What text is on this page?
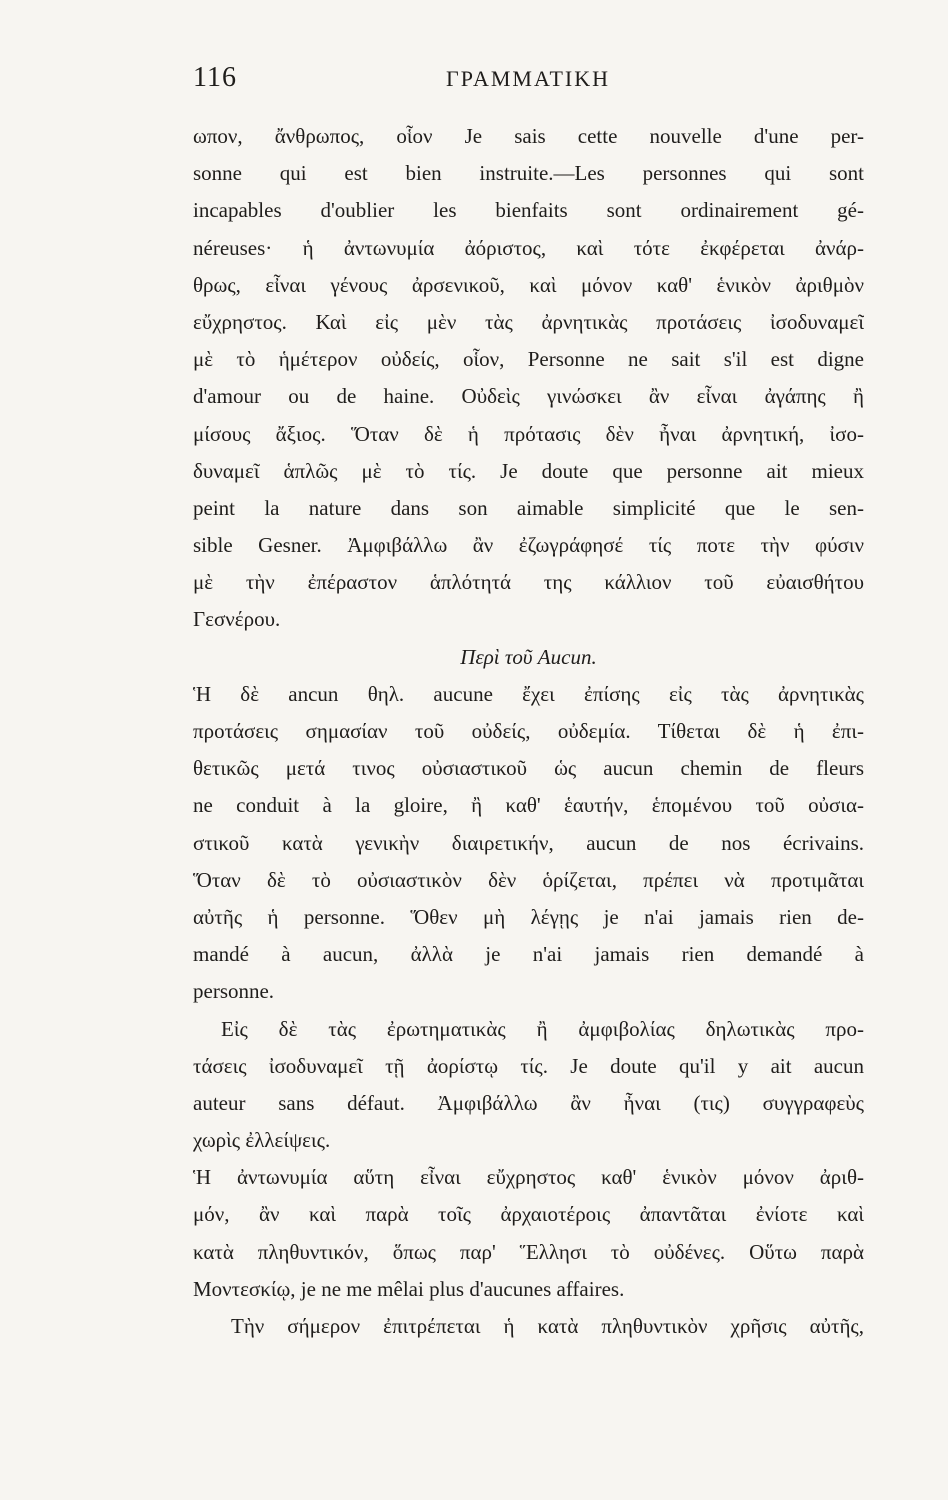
116	ΓΡΑΜΜΑΤΙΚΗ
ωπον, ἄνθρωπος, οἷον Je sais cette nouvelle d'une per-
sonne qui est bien instruite.—Les personnes qui sont
incapables d'oublier les bienfaits sont ordinairement gé-
néreuses· ἡ ἀντωνυμία ἀόριστος, καὶ τότε ἐκφέρεται ἀνάρ-
θρως, εἶναι γένους ἀρσενικοῦ, καὶ μόνον καθ' ἑνικὸν ἀριθμὸν
εὔχρηστος. Καὶ εἰς μὲν τὰς ἀρνητικὰς προτάσεις ἰσοδυναμεῖ
μὲ τὸ ἡμέτερον οὐδείς, οἷον, Personne ne sait s'il est digne
d'amour ou de haine. Οὐδεὶς γινώσκει ἂν εἶναι ἀγάπης ἢ
μίσους ἄξιος. Ὅταν δὲ ἡ πρότασις δὲν ἦναι ἀρνητική, ἰσο-
δυναμεῖ ἁπλῶς μὲ τὸ τίς. Je doute que personne ait mieux
peint la nature dans son aimable simplicité que le sen-
sible Gesner. Ἀμφιβάλλω ἂν ἐζωγράφησέ τίς ποτε τὴν φύσιν
μὲ τὴν ἐπέραστον ἁπλότητά της κάλλιον τοῦ εὐαισθήτου
Γεσνέρου.
Περὶ τοῦ Aucun.
Ἡ δὲ ancun θηλ. aucune ἔχει ἐπίσης εἰς τὰς ἀρνητικὰς
προτάσεις σημασίαν τοῦ οὐδείς, οὐδεμία. Τίθεται δὲ ἡ ἐπι-
θετικῶς μετά τινος οὐσιαστικοῦ ὡς aucun chemin de fleurs
ne conduit à la gloire, ἢ καθ' ἑαυτήν, ἑπομένου τοῦ οὐσια-
στικοῦ κατὰ γενικὴν διαιρετικήν, aucun de nos écrivains.
Ὅταν δὲ τὸ οὐσιαστικὸν δὲν ὁρίζεται, πρέπει νὰ προτιμᾶται
αὐτῆς ἡ personne. Ὅθεν μὴ λέγῃς je n'ai jamais rien de-
mandé à aucun, ἀλλὰ je n'ai jamais rien demandé à
personne.
Εἰς δὲ τὰς ἐρωτηματικὰς ἢ ἀμφιβολίας δηλωτικὰς προ-
τάσεις ἰσοδυναμεῖ τῇ ἀορίστῳ τίς. Je doute qu'il y ait aucun
auteur sans défaut. Ἀμφιβάλλω ἂν ἦναι (τις) συγγραφεὺς
χωρὶς ἐλλείψεις.
Ἡ ἀντωνυμία αὕτη εἶναι εὔχρηστος καθ' ἑνικὸν μόνον ἀριθ-
μόν, ἂν καὶ παρὰ τοῖς ἀρχαιοτέροις ἀπαντᾶται ἐνίοτε καὶ
κατὰ πληθυντικόν, ὅπως παρ' Ἕλλησι τὸ οὐδένες. Οὕτω παρὰ
Μοντεσκίῳ, je ne me mêlai plus d'aucunes affaires.
Τὴν σήμερον ἐπιτρέπεται ἡ κατὰ πληθυντικὸν χρῆσις αὐτῆς,
